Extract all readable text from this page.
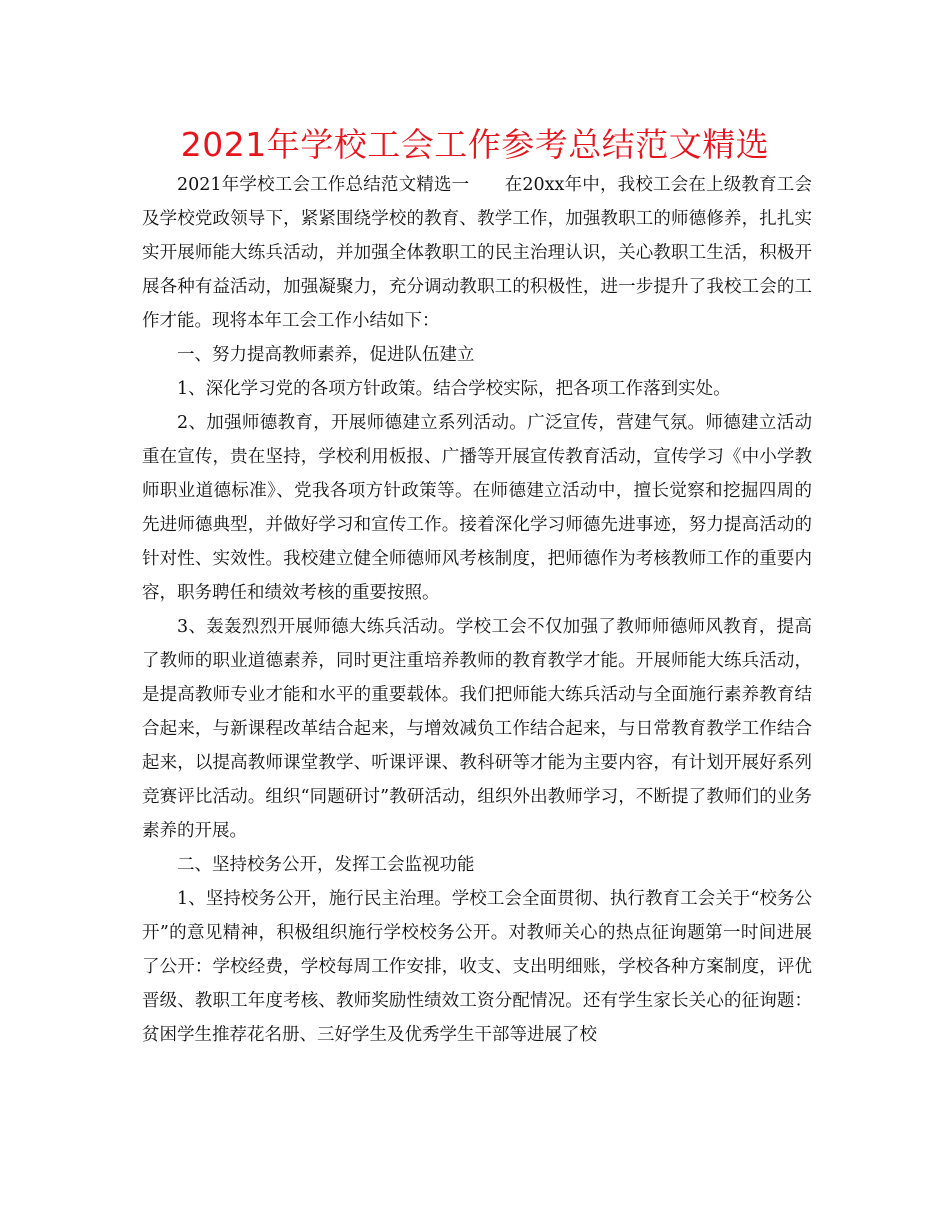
2021年学校工会工作参考总结范文精选

2021年学校工会工作总结范文精选一　　在20xx年中，我校工会在上级教育工会及学校党政领导下，紧紧围绕学校的教育、教学工作，加强教职工的师德修养，扎扎实实开展师能大练兵活动，并加强全体教职工的民主治理认识，关心教职工生活，积极开展各种有益活动，加强凝聚力，充分调动教职工的积极性，进一步提升了我校工会的工作才能。现将本年工会工作小结如下：

一、努力提高教师素养，促进队伍建立

1、深化学习党的各项方针政策。结合学校实际，把各项工作落到实处。

2、加强师德教育，开展师德建立系列活动。广泛宣传，营建气氛。师德建立活动重在宣传，贵在坚持，学校利用板报、广播等开展宣传教育活动，宣传学习《中小学教师职业道德标准》、党我各项方针政策等。在师德建立活动中，擅长觉察和挖掘四周的先进师德典型，并做好学习和宣传工作。接着深化学习师德先进事迹，努力提高活动的针对性、实效性。我校建立健全师德师风考核制度，把师德作为考核教师工作的重要内容，职务聘任和绩效考核的重要按照。

3、轰轰烈烈开展师德大练兵活动。学校工会不仅加强了教师师德师风教育，提高了教师的职业道德素养，同时更注重培养教师的教育教学才能。开展师能大练兵活动，是提高教师专业才能和水平的重要载体。我们把师能大练兵活动与全面施行素养教育结合起来，与新课程改革结合起来，与增效减负工作结合起来，与日常教育教学工作结合起来，以提高教师课堂教学、听课评课、教科研等才能为主要内容，有计划开展好系列竞赛评比活动。组织“同题研讨”教研活动，组织外出教师学习，不断提了教师们的业务素养的开展。

二、坚持校务公开，发挥工会监视功能

1、坚持校务公开，施行民主治理。学校工会全面贯彻、执行教育工会关于“校务公开”的意见精神，积极组织施行学校校务公开。对教师关心的热点征询题第一时间进展了公开：学校经费，学校每周工作安排，收支、支出明细账，学校各种方案制度，评优晋级、教职工年度考核、教师奖励性绩效工资分配情况。还有学生家长关心的征询题：贫困学生推荐花名册、三好学生及优秀学生干部等进展了校
